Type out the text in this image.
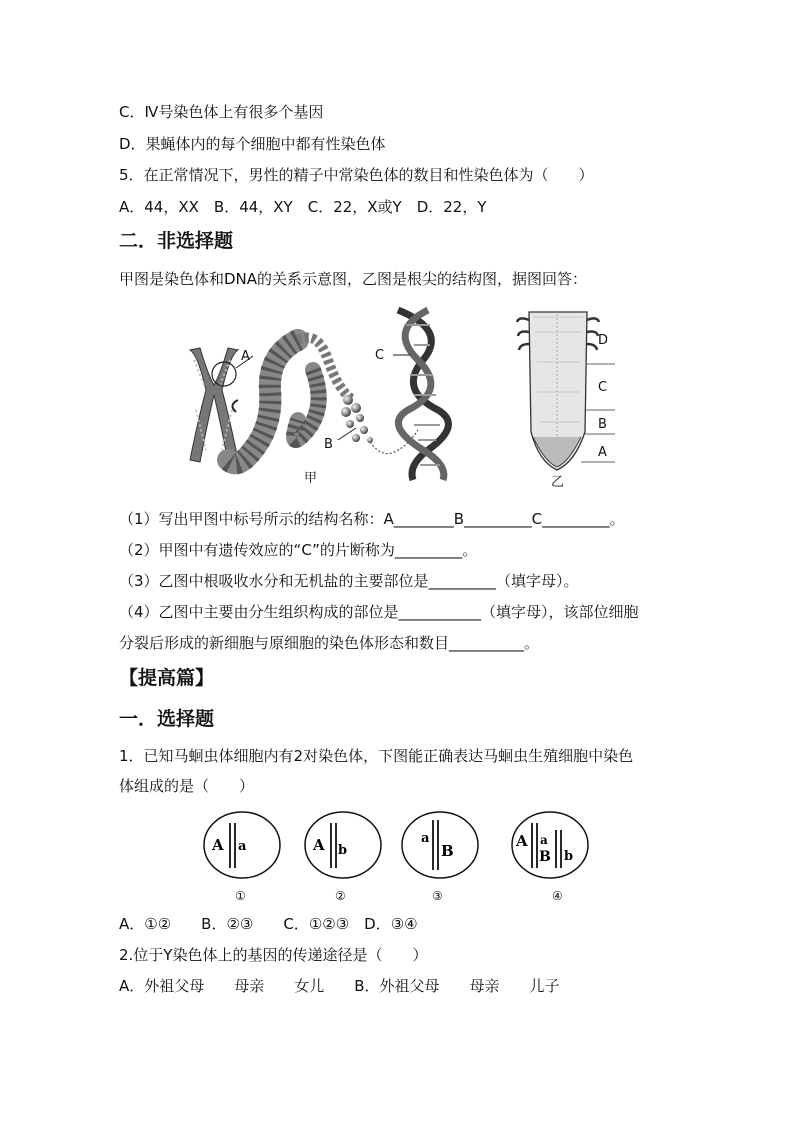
C．Ⅳ号染色体上有很多个基因
D．果蝇体内的每个细胞中都有性染色体
5．在正常情况下，男性的精子中常染色体的数目和性染色体为（　　）
A．44，XX　B．44，XY　C．22，X或Y　D．22，Y
二．非选择题
甲图是染色体和DNA的关系示意图，乙图是根尖的结构图，据图回答：
A
B
C
甲
D
C
B
A
乙
（1）写出甲图中标号所示的结构名称：A________B_________C_________。
（2）甲图中有遗传效应的“C”的片断称为_________。
（3）乙图中根吸收水分和无机盐的主要部位是_________（填字母）。
（4）乙图中主要由分生组织构成的部位是___________（填字母），该部位细胞
分裂后形成的新细胞与原细胞的染色体形态和数目__________。
【提高篇】
一．选择题
1．已知马蛔虫体细胞内有2对染色体，下图能正确表达马蛔虫生殖细胞中染色
体组成的是（　　）
A a
①
A b
②
a
B
③
A a
B b
④
A．①②　　B．②③　　C．①②③　D．③④
2.位于Y染色体上的基因的传递途径是（　　）
A．外祖父母　　母亲　　女儿　　B．外祖父母　　母亲　　儿子
